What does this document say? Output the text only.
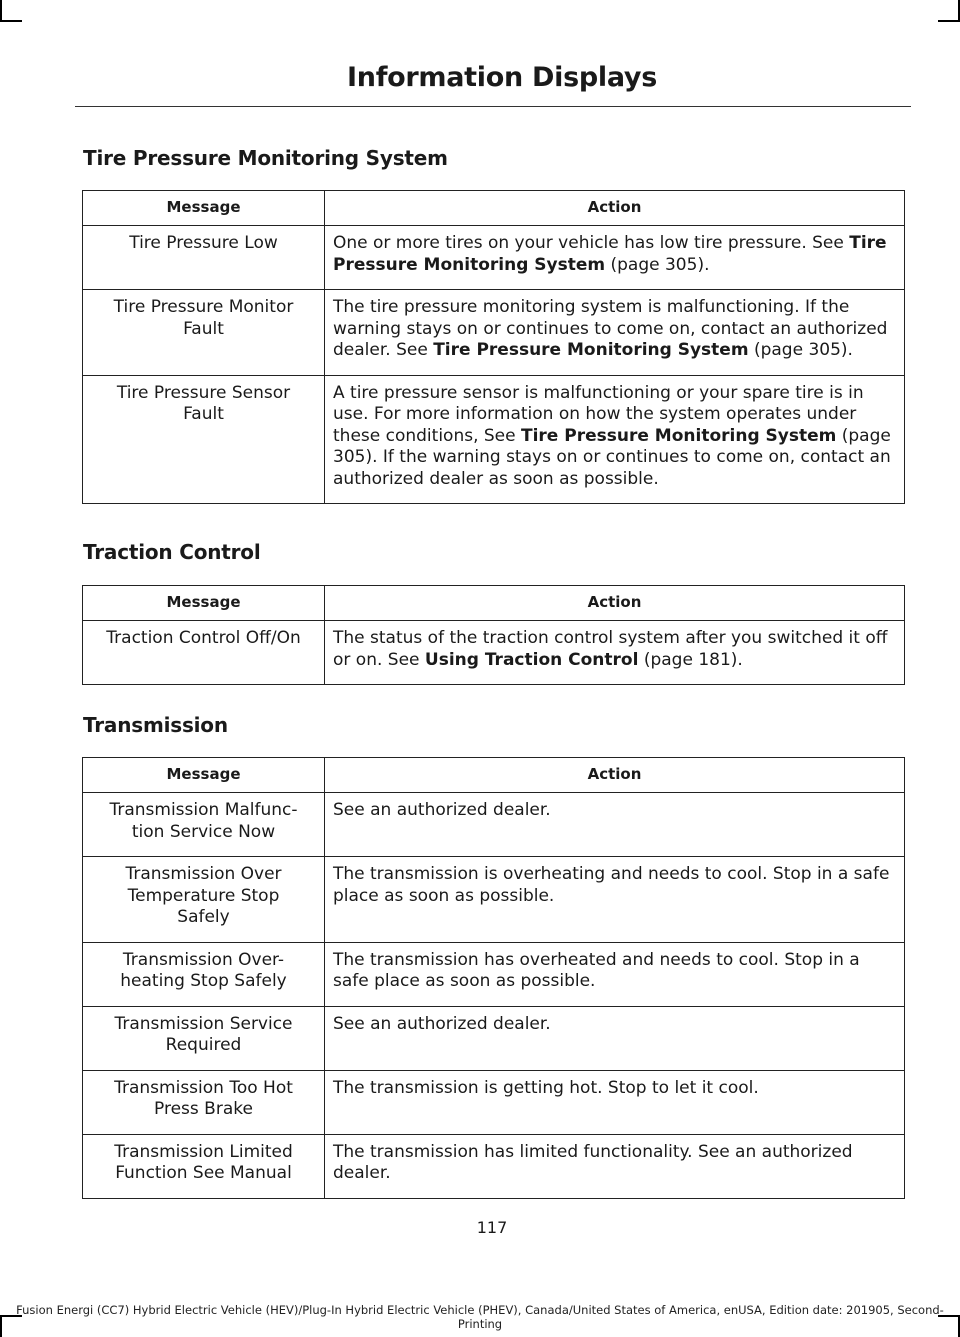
Information Displays
Tire Pressure Monitoring System
Message	Action
Tire Pressure Low	One or more tires on your vehicle has low tire pressure. See Tire Pressure Monitoring System (page 305).
Tire Pressure Monitor Fault	The tire pressure monitoring system is malfunctioning. If the warning stays on or continues to come on, contact an authorized dealer. See Tire Pressure Monitoring System (page 305).
Tire Pressure Sensor Fault	A tire pressure sensor is malfunctioning or your spare tire is in use. For more information on how the system operates under these conditions, See Tire Pressure Monitoring System (page 305). If the warning stays on or continues to come on, contact an authorized dealer as soon as possible.
Traction Control
Message	Action
Traction Control Off/On	The status of the traction control system after you switched it off or on. See Using Traction Control (page 181).
Transmission
Message	Action
Transmission Malfunc-tion Service Now	See an authorized dealer.
Transmission Over Temperature Stop Safely	The transmission is overheating and needs to cool. Stop in a safe place as soon as possible.
Transmission Over-heating Stop Safely	The transmission has overheated and needs to cool. Stop in a safe place as soon as possible.
Transmission Service Required	See an authorized dealer.
Transmission Too Hot Press Brake	The transmission is getting hot. Stop to let it cool.
Transmission Limited Function See Manual	The transmission has limited functionality. See an authorized dealer.
117
Fusion Energi (CC7) Hybrid Electric Vehicle (HEV)/Plug-In Hybrid Electric Vehicle (PHEV), Canada/United States of America, enUSA, Edition date: 201905, Second-Printing
